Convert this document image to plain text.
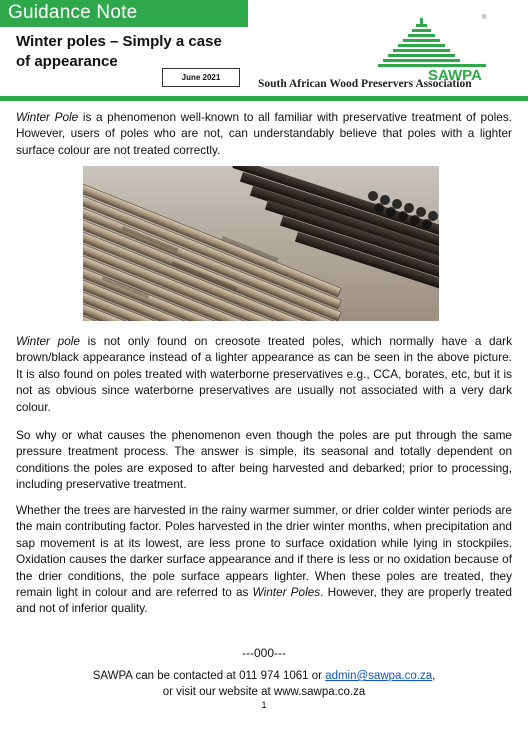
Guidance Note
Winter poles – Simply a case
of appearance
June 2021	SAWPA
®
South African Wood Preservers Association

Winter Pole is a phenomenon well-known to all familiar with preservative treatment of poles. However, users of poles who are not, can understandably believe that poles with a lighter surface colour are not treated correctly.

Winter pole is not only found on creosote treated poles, which normally have a dark brown/black appearance instead of a lighter appearance as can be seen in the above picture. It is also found on poles treated with waterborne preservatives e.g., CCA, borates, etc, but it is not as obvious since waterborne preservatives are usually not associated with a very dark colour.

So why or what causes the phenomenon even though the poles are put through the same pressure treatment process. The answer is simple, its seasonal and totally dependent on conditions the poles are exposed to after being harvested and debarked; prior to processing, including preservative treatment.

Whether the trees are harvested in the rainy warmer summer, or drier colder winter periods are the main contributing factor. Poles harvested in the drier winter months, when precipitation and sap movement is at its lowest, are less prone to surface oxidation while lying in stockpiles. Oxidation causes the darker surface appearance and if there is less or no oxidation because of the drier conditions, the pole surface appears lighter. When these poles are treated, they remain light in colour and are referred to as Winter Poles. However, they are properly treated and not of inferior quality.

---000---
SAWPA can be contacted at 011 974 1061 or admin@sawpa.co.za,
or visit our website at www.sawpa.co.za
1
